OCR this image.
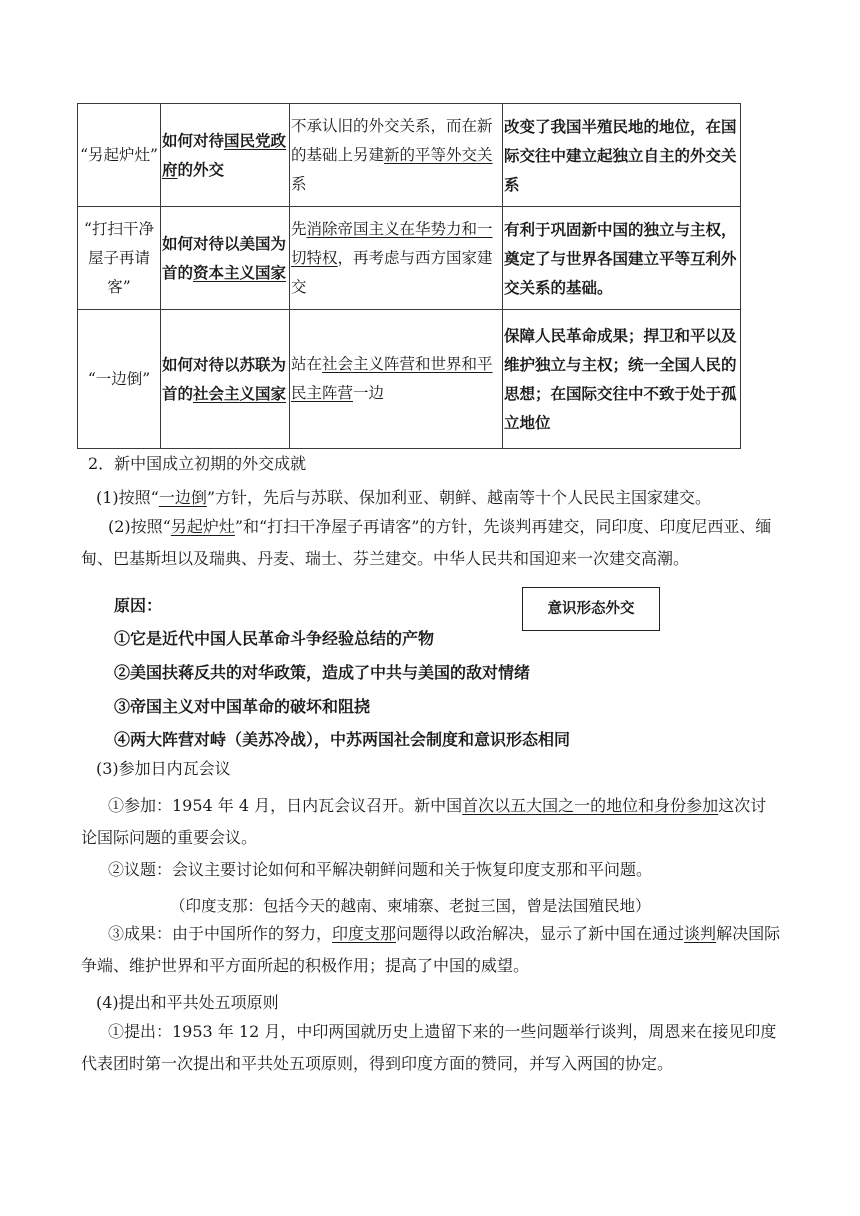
“另起炉灶”	如何对待国民党政府的外交	不承认旧的外交关系，而在新的基础上另建新的平等外交关系	改变了我国半殖民地的地位，在国际交往中建立起独立自主的外交关系
“打扫干净屋子再请客”	如何对待以美国为首的资本主义国家	先消除帝国主义在华势力和一切特权，再考虑与西方国家建交	有利于巩固新中国的独立与主权，奠定了与世界各国建立平等互利外交关系的基础。
“一边倒”	如何对待以苏联为首的社会主义国家	站在社会主义阵营和世界和平民主阵营一边	保障人民革命成果；捍卫和平以及维护独立与主权；统一全国人民的思想；在国际交往中不致于处于孤立地位
2．新中国成立初期的外交成就
(1)按照“一边倒”方针，先后与苏联、保加利亚、朝鲜、越南等十个人民民主国家建交。
(2)按照“另起炉灶”和“打扫干净屋子再请客”的方针，先谈判再建交，同印度、印度尼西亚、缅甸、巴基斯坦以及瑞典、丹麦、瑞士、芬兰建交。中华人民共和国迎来一次建交高潮。
原因：	意识形态外交
①它是近代中国人民革命斗争经验总结的产物
②美国扶蒋反共的对华政策，造成了中共与美国的敌对情绪
③帝国主义对中国革命的破坏和阻挠
④两大阵营对峙（美苏冷战），中苏两国社会制度和意识形态相同
(3)参加日内瓦会议
①参加：1954 年 4 月，日内瓦会议召开。新中国首次以五大国之一的地位和身份参加这次讨论国际问题的重要会议。
②议题：会议主要讨论如何和平解决朝鲜问题和关于恢复印度支那和平问题。
（印度支那：包括今天的越南、柬埔寨、老挝三国，曾是法国殖民地）
③成果：由于中国所作的努力，印度支那问题得以政治解决，显示了新中国在通过谈判解决国际争端、维护世界和平方面所起的积极作用；提高了中国的威望。
(4)提出和平共处五项原则
①提出：1953 年 12 月，中印两国就历史上遗留下来的一些问题举行谈判，周恩来在接见印度代表团时第一次提出和平共处五项原则，得到印度方面的赞同，并写入两国的协定。
